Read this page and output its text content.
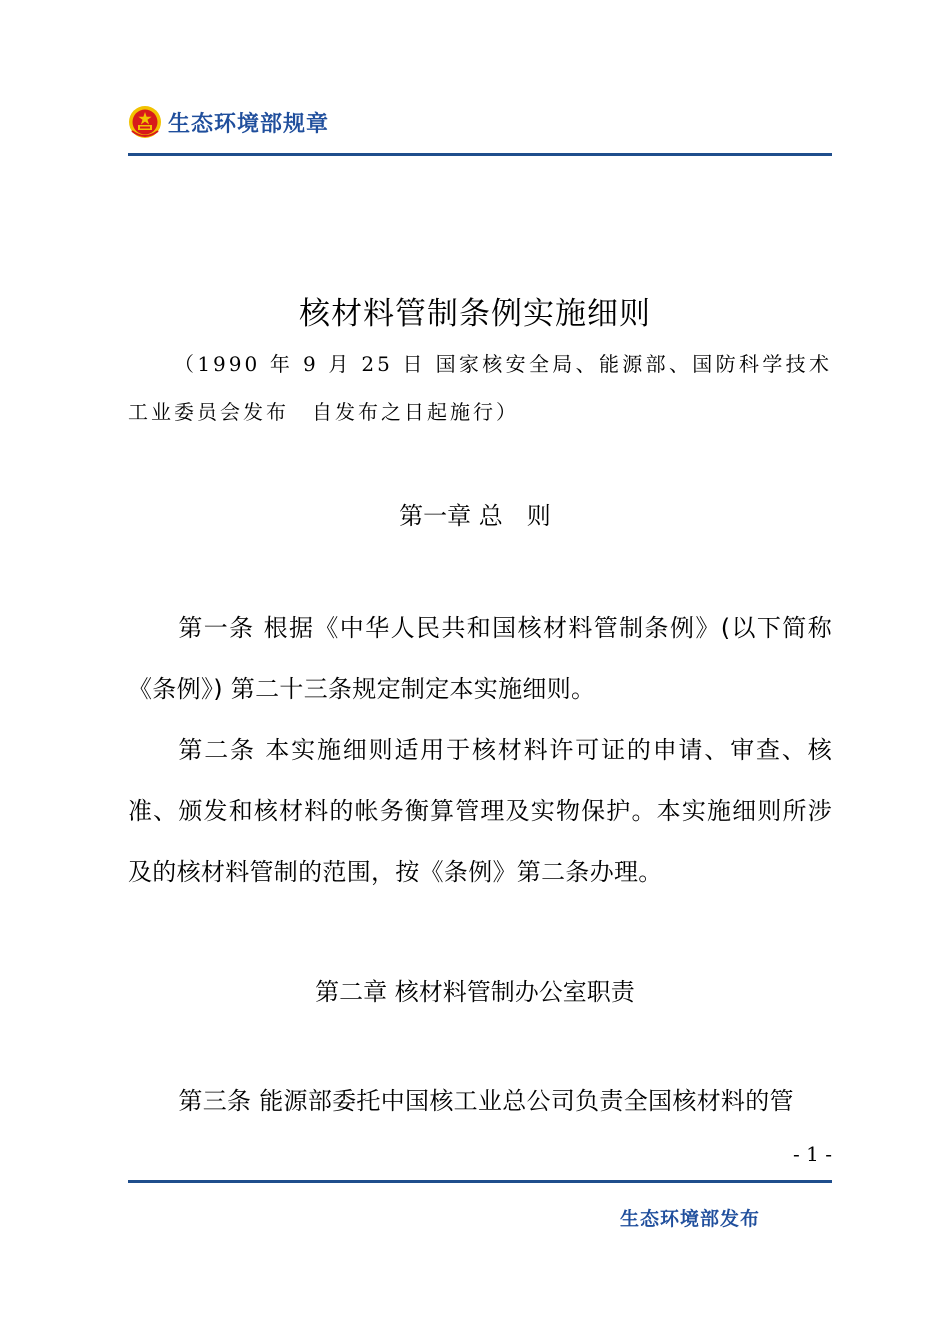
生态环境部规章
核材料管制条例实施细则
（1990 年 9 月 25 日 国家核安全局、能源部、国防科学技术工业委员会发布　自发布之日起施行）
第一章 总　则
第一条 根据《中华人民共和国核材料管制条例》(以下简称《条例》) 第二十三条规定制定本实施细则。
第二条 本实施细则适用于核材料许可证的申请、审查、核准、颁发和核材料的帐务衡算管理及实物保护。本实施细则所涉及的核材料管制的范围，按《条例》第二条办理。
第二章 核材料管制办公室职责
第三条 能源部委托中国核工业总公司负责全国核材料的管
- 1 -
生态环境部发布
